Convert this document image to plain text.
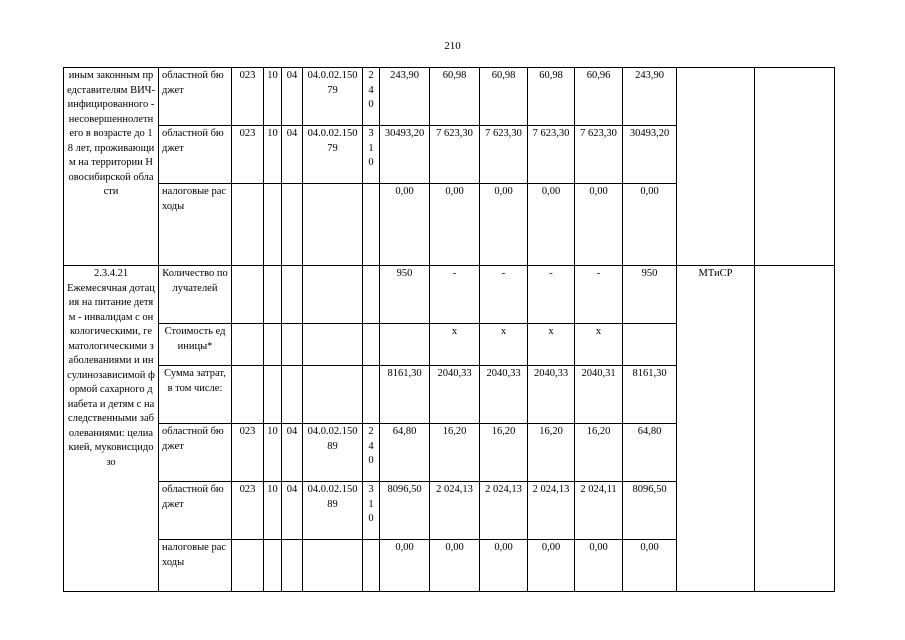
210
иным законным представителям ВИЧ-инфицированного - несовершеннолетнего в возрасте до 18 лет, проживающим на территории Новосибирской области	областной бюджет	023	10	04	04.0.02.15079	240	243,90	60,98	60,98	60,98	60,96	243,90		
	областной бюджет	023	10	04	04.0.02.15079	310	30493,20	7 623,30	7 623,30	7 623,30	7 623,30	30493,20		
	налоговые расходы						0,00	0,00	0,00	0,00	0,00	0,00		

2.3.4.21
Ежемесячная дотация на питание детям - инвалидам с онкологическими, гематологическими заболеваниями и инсулинозависимой формой сахарного диабета и детям с наследственными заболеваниями: целиакией, муковисцидозо	Количество получателей						950	-	-	-	-	950	МТиСР	
	Стоимость единицы*							x	x	x	x			
	Сумма затрат, в том числе:						8161,30	2040,33	2040,33	2040,33	2040,31	8161,30		
	областной бюджет	023	10	04	04.0.02.15089	240	64,80	16,20	16,20	16,20	16,20	64,80		
	областной бюджет	023	10	04	04.0.02.15089	310	8096,50	2 024,13	2 024,13	2 024,13	2 024,11	8096,50		
	налоговые расходы						0,00	0,00	0,00	0,00	0,00	0,00		
